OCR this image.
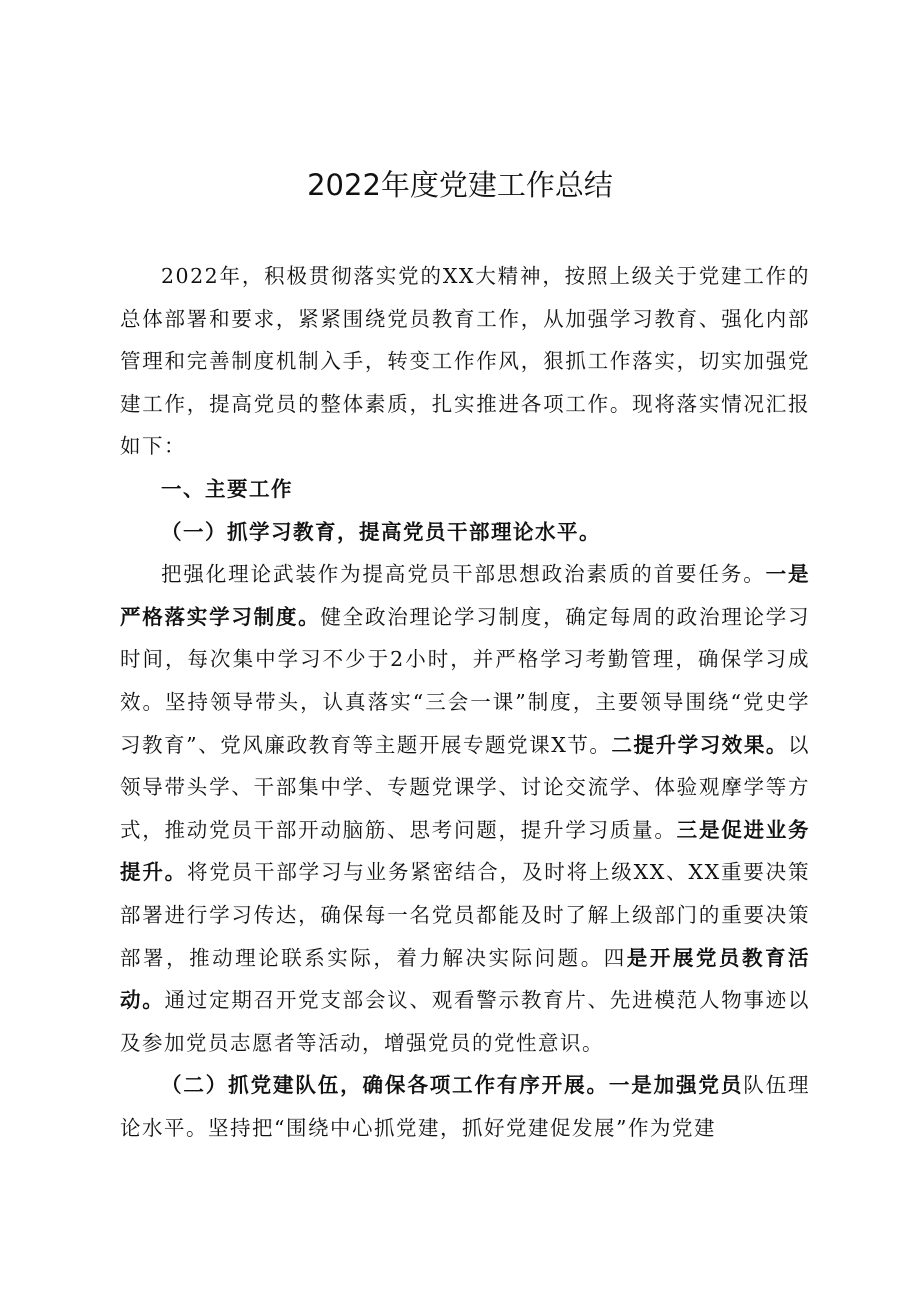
2022年度党建工作总结

2022年，积极贯彻落实党的XX大精神，按照上级关于党建工作的总体部署和要求，紧紧围绕党员教育工作，从加强学习教育、强化内部管理和完善制度机制入手，转变工作作风，狠抓工作落实，切实加强党建工作，提高党员的整体素质，扎实推进各项工作。现将落实情况汇报如下：

一、主要工作

（一）抓学习教育，提高党员干部理论水平。

把强化理论武装作为提高党员干部思想政治素质的首要任务。一是严格落实学习制度。健全政治理论学习制度，确定每周的政治理论学习时间，每次集中学习不少于2小时，并严格学习考勤管理，确保学习成效。坚持领导带头，认真落实“三会一课”制度，主要领导围绕“党史学习教育”、党风廉政教育等主题开展专题党课X节。二提升学习效果。以领导带头学、干部集中学、专题党课学、讨论交流学、体验观摩学等方式，推动党员干部开动脑筋、思考问题，提升学习质量。三是促进业务提升。将党员干部学习与业务紧密结合，及时将上级XX、XX重要决策部署进行学习传达，确保每一名党员都能及时了解上级部门的重要决策部署，推动理论联系实际，着力解决实际问题。四是开展党员教育活动。通过定期召开党支部会议、观看警示教育片、先进模范人物事迹以及参加党员志愿者等活动，增强党员的党性意识。

（二）抓党建队伍，确保各项工作有序开展。一是加强党员队伍理论水平。坚持把“围绕中心抓党建，抓好党建促发展”作为党建
